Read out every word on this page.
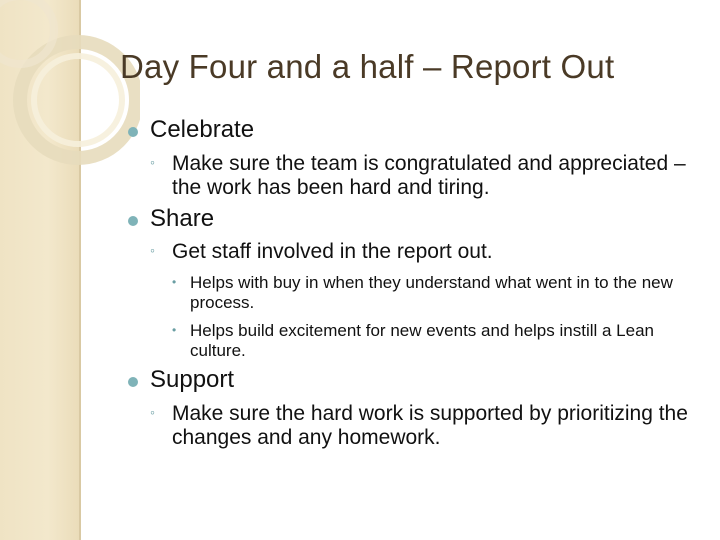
Day Four and a half – Report Out
Celebrate
◦ Make sure the team is congratulated and appreciated – the work has been hard and tiring.
Share
◦ Get staff involved in the report out.
• Helps with buy in when they understand what went in to the new process.
• Helps build excitement for new events and helps instill a Lean culture.
Support
◦ Make sure the hard work is supported by prioritizing the changes and any homework.
